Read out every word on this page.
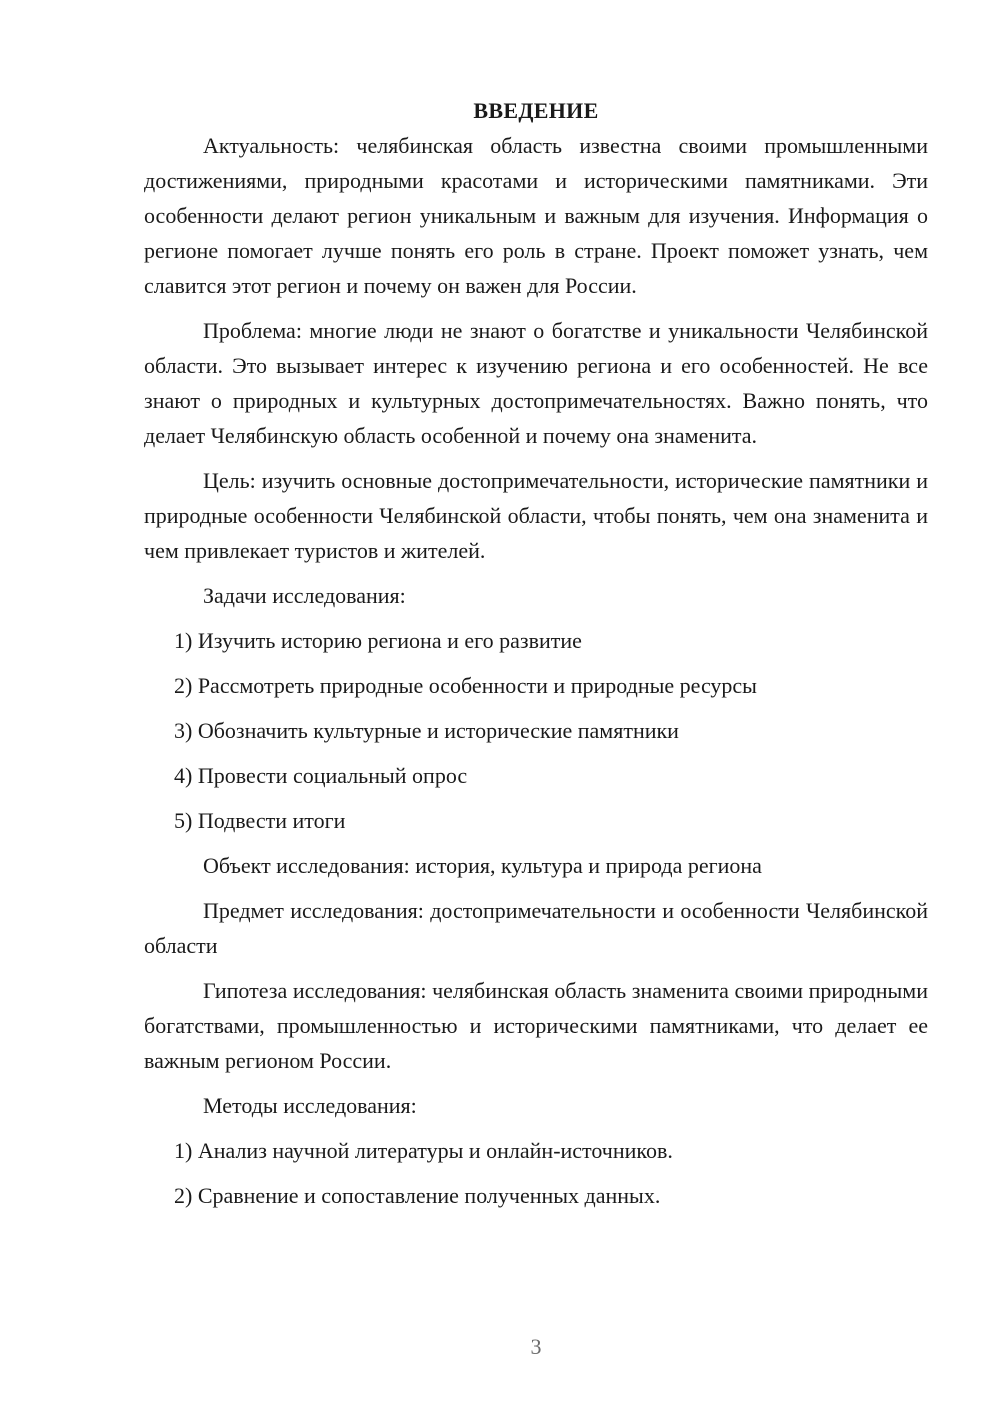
ВВЕДЕНИЕ

Актуальность: челябинская область известна своими промышленными достижениями, природными красотами и историческими памятниками. Эти особенности делают регион уникальным и важным для изучения. Информация о регионе помогает лучше понять его роль в стране. Проект поможет узнать, чем славится этот регион и почему он важен для России.

Проблема: многие люди не знают о богатстве и уникальности Челябинской области. Это вызывает интерес к изучению региона и его особенностей. Не все знают о природных и культурных достопримечательностях. Важно понять, что делает Челябинскую область особенной и почему она знаменита.

Цель: изучить основные достопримечательности, исторические памятники и природные особенности Челябинской области, чтобы понять, чем она знаменита и чем привлекает туристов и жителей.

Задачи исследования:

1) Изучить историю региона и его развитие
2) Рассмотреть природные особенности и природные ресурсы
3) Обозначить культурные и исторические памятники
4) Провести социальный опрос
5) Подвести итоги

Объект исследования: история, культура и природа региона

Предмет исследования: достопримечательности и особенности Челябинской области

Гипотеза исследования: челябинская область знаменита своими природными богатствами, промышленностью и историческими памятниками, что делает ее важным регионом России.

Методы исследования:

1) Анализ научной литературы и онлайн-источников.
2) Сравнение и сопоставление полученных данных.
3
